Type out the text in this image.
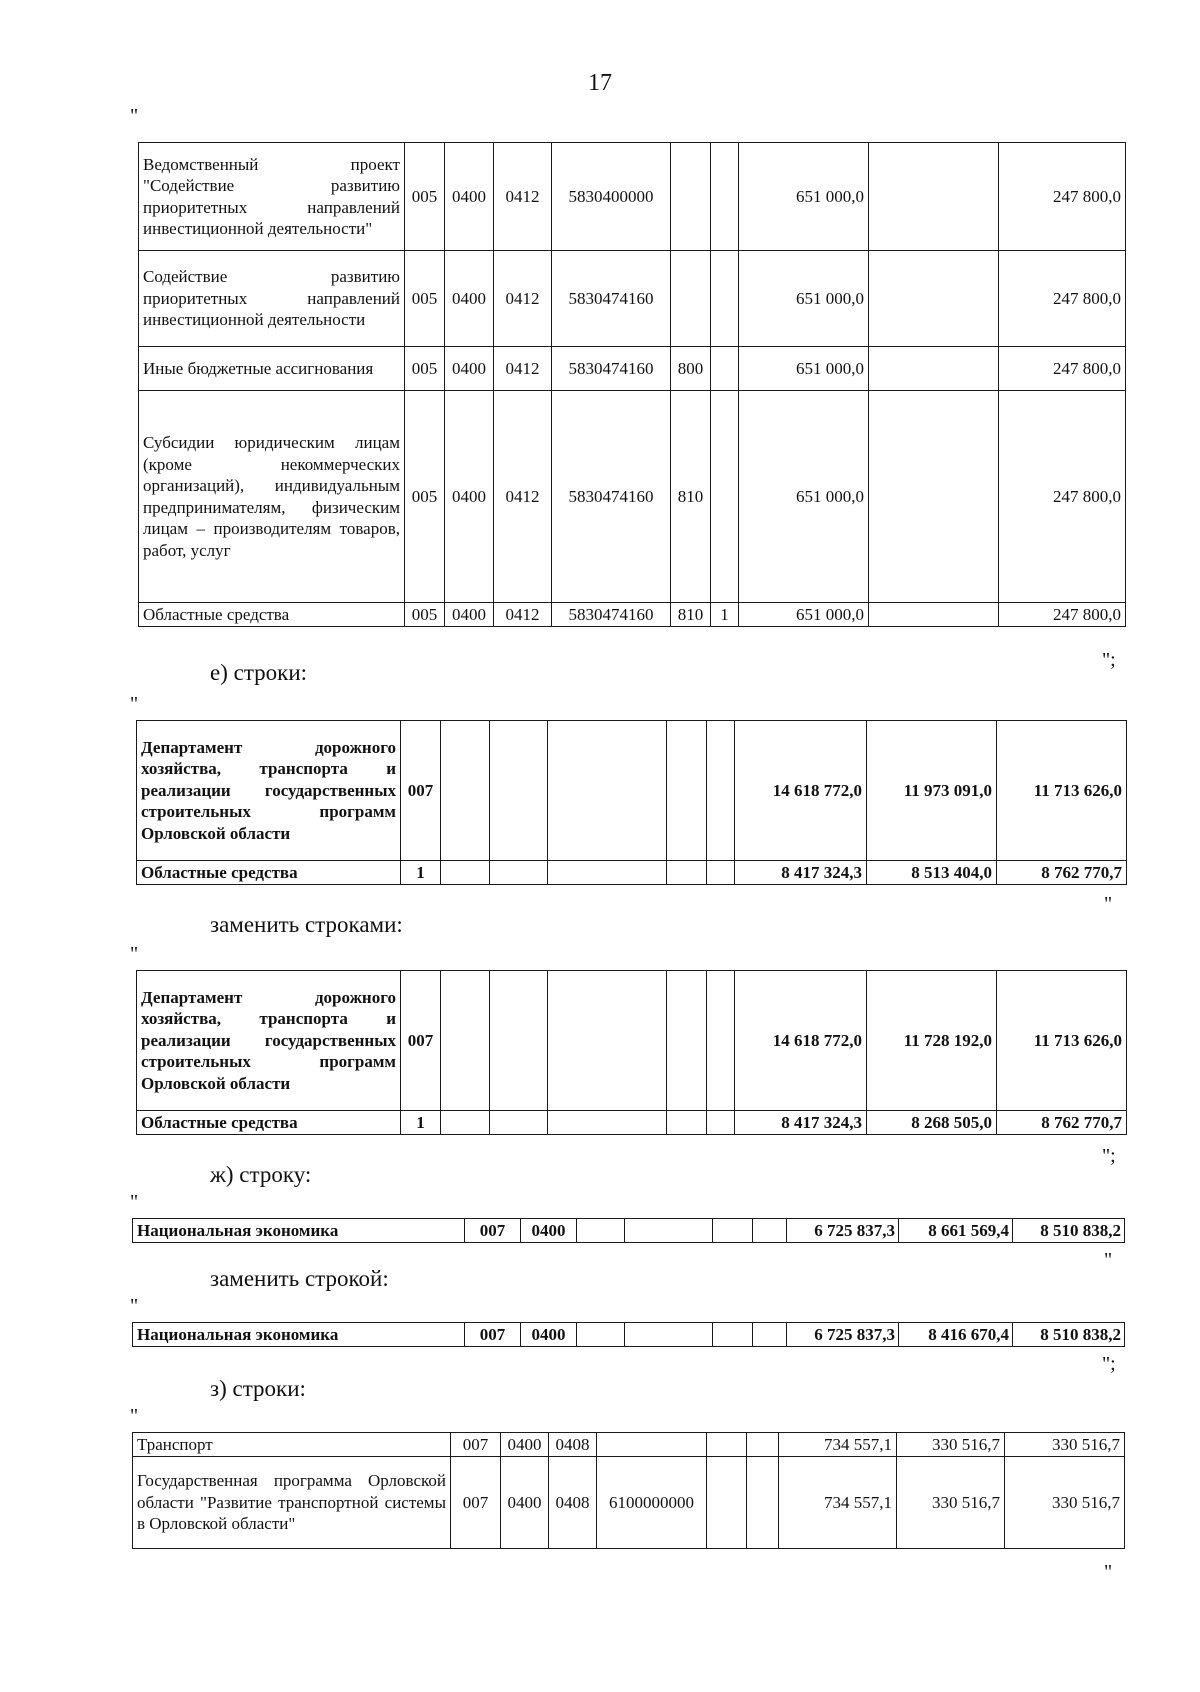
17
"
Ведомственный проект "Содействие развитию приоритетных направлений инвестиционной деятельности"	005	0400	0412	5830400000			651 000,0		247 800,0
Содействие развитию приоритетных направлений инвестиционной деятельности	005	0400	0412	5830474160			651 000,0		247 800,0
Иные бюджетные ассигнования	005	0400	0412	5830474160	800		651 000,0		247 800,0
Субсидии юридическим лицам (кроме некоммерческих организаций), индивидуальным предпринимателям, физическим лицам – производителям товаров, работ, услуг	005	0400	0412	5830474160	810		651 000,0		247 800,0
Областные средства	005	0400	0412	5830474160	810	1	651 000,0		247 800,0
";
е) строки:
"
Департамент дорожного хозяйства, транспорта и реализации государственных строительных программ Орловской области	007						14 618 772,0	11 973 091,0	11 713 626,0
Областные средства	1						8 417 324,3	8 513 404,0	8 762 770,7
"
заменить строками:
"
Департамент дорожного хозяйства, транспорта и реализации государственных строительных программ Орловской области	007						14 618 772,0	11 728 192,0	11 713 626,0
Областные средства	1						8 417 324,3	8 268 505,0	8 762 770,7
";
ж) строку:
"
Национальная экономика	007	0400					6 725 837,3	8 661 569,4	8 510 838,2
"
заменить строкой:
"
Национальная экономика	007	0400					6 725 837,3	8 416 670,4	8 510 838,2
";
з) строки:
"
Транспорт	007	0400	0408				734 557,1	330 516,7	330 516,7
Государственная программа Орловской области "Развитие транспортной системы в Орловской области"	007	0400	0408	6100000000			734 557,1	330 516,7	330 516,7
"
